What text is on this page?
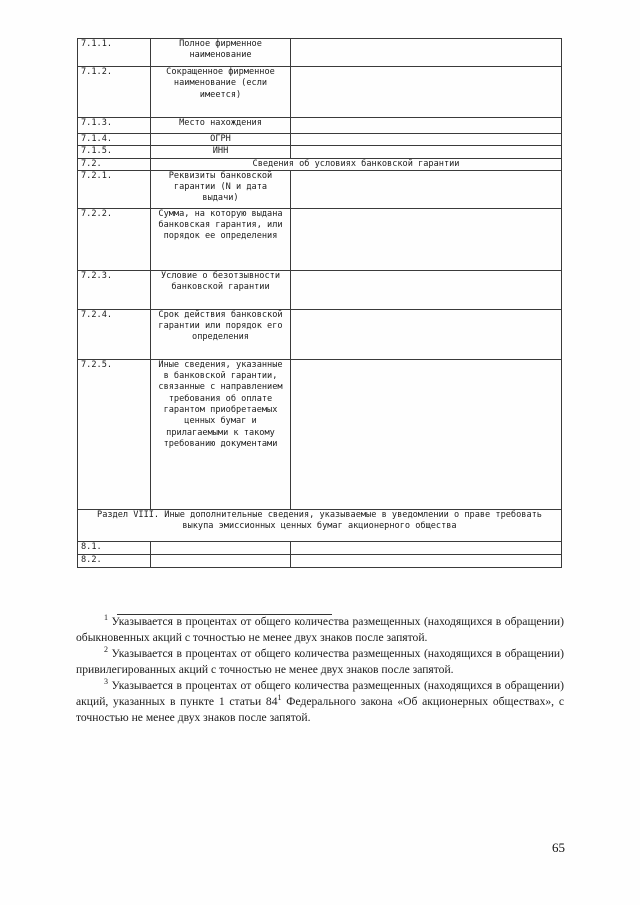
7.1.1.	Полное фирменное наименование	
7.1.2.	Сокращенное фирменное наименование (если имеется)	
7.1.3.	Место нахождения	
7.1.4.	ОГРН	
7.1.5.	ИНН	
7.2.	Сведения об условиях банковской гарантии	
7.2.1.	Реквизиты банковской гарантии (N и дата выдачи)	
7.2.2.	Сумма, на которую выдана банковская гарантия, или порядок ее определения	
7.2.3.	Условие о безотзывности банковской гарантии	
7.2.4.	Срок действия банковской гарантии или порядок его определения	
7.2.5.	Иные сведения, указанные в банковской гарантии, связанные с направлением требования об оплате гарантом приобретаемых ценных бумаг и прилагаемыми к такому требованию документами	
Раздел VIII. Иные дополнительные сведения, указываемые в уведомлении о праве требовать выкупа эмиссионных ценных бумаг акционерного общества		
8.1.		
8.2.		

$^1$ Указывается в процентах от общего количества размещенных (находящихся в обращении) обыкновенных акций с точностью не менее двух знаков после запятой.

$^2$ Указывается в процентах от общего количества размещенных (находящихся в обращении) привилегированных акций с точностью не менее двух знаков после запятой.

$^3$ Указывается в процентах от общего количества размещенных (находящихся в обращении) акций, указанных в пункте 1 статьи 84$^1$ Федерального закона «Об акционерных обществах», с точностью не менее двух знаков после запятой.

65
